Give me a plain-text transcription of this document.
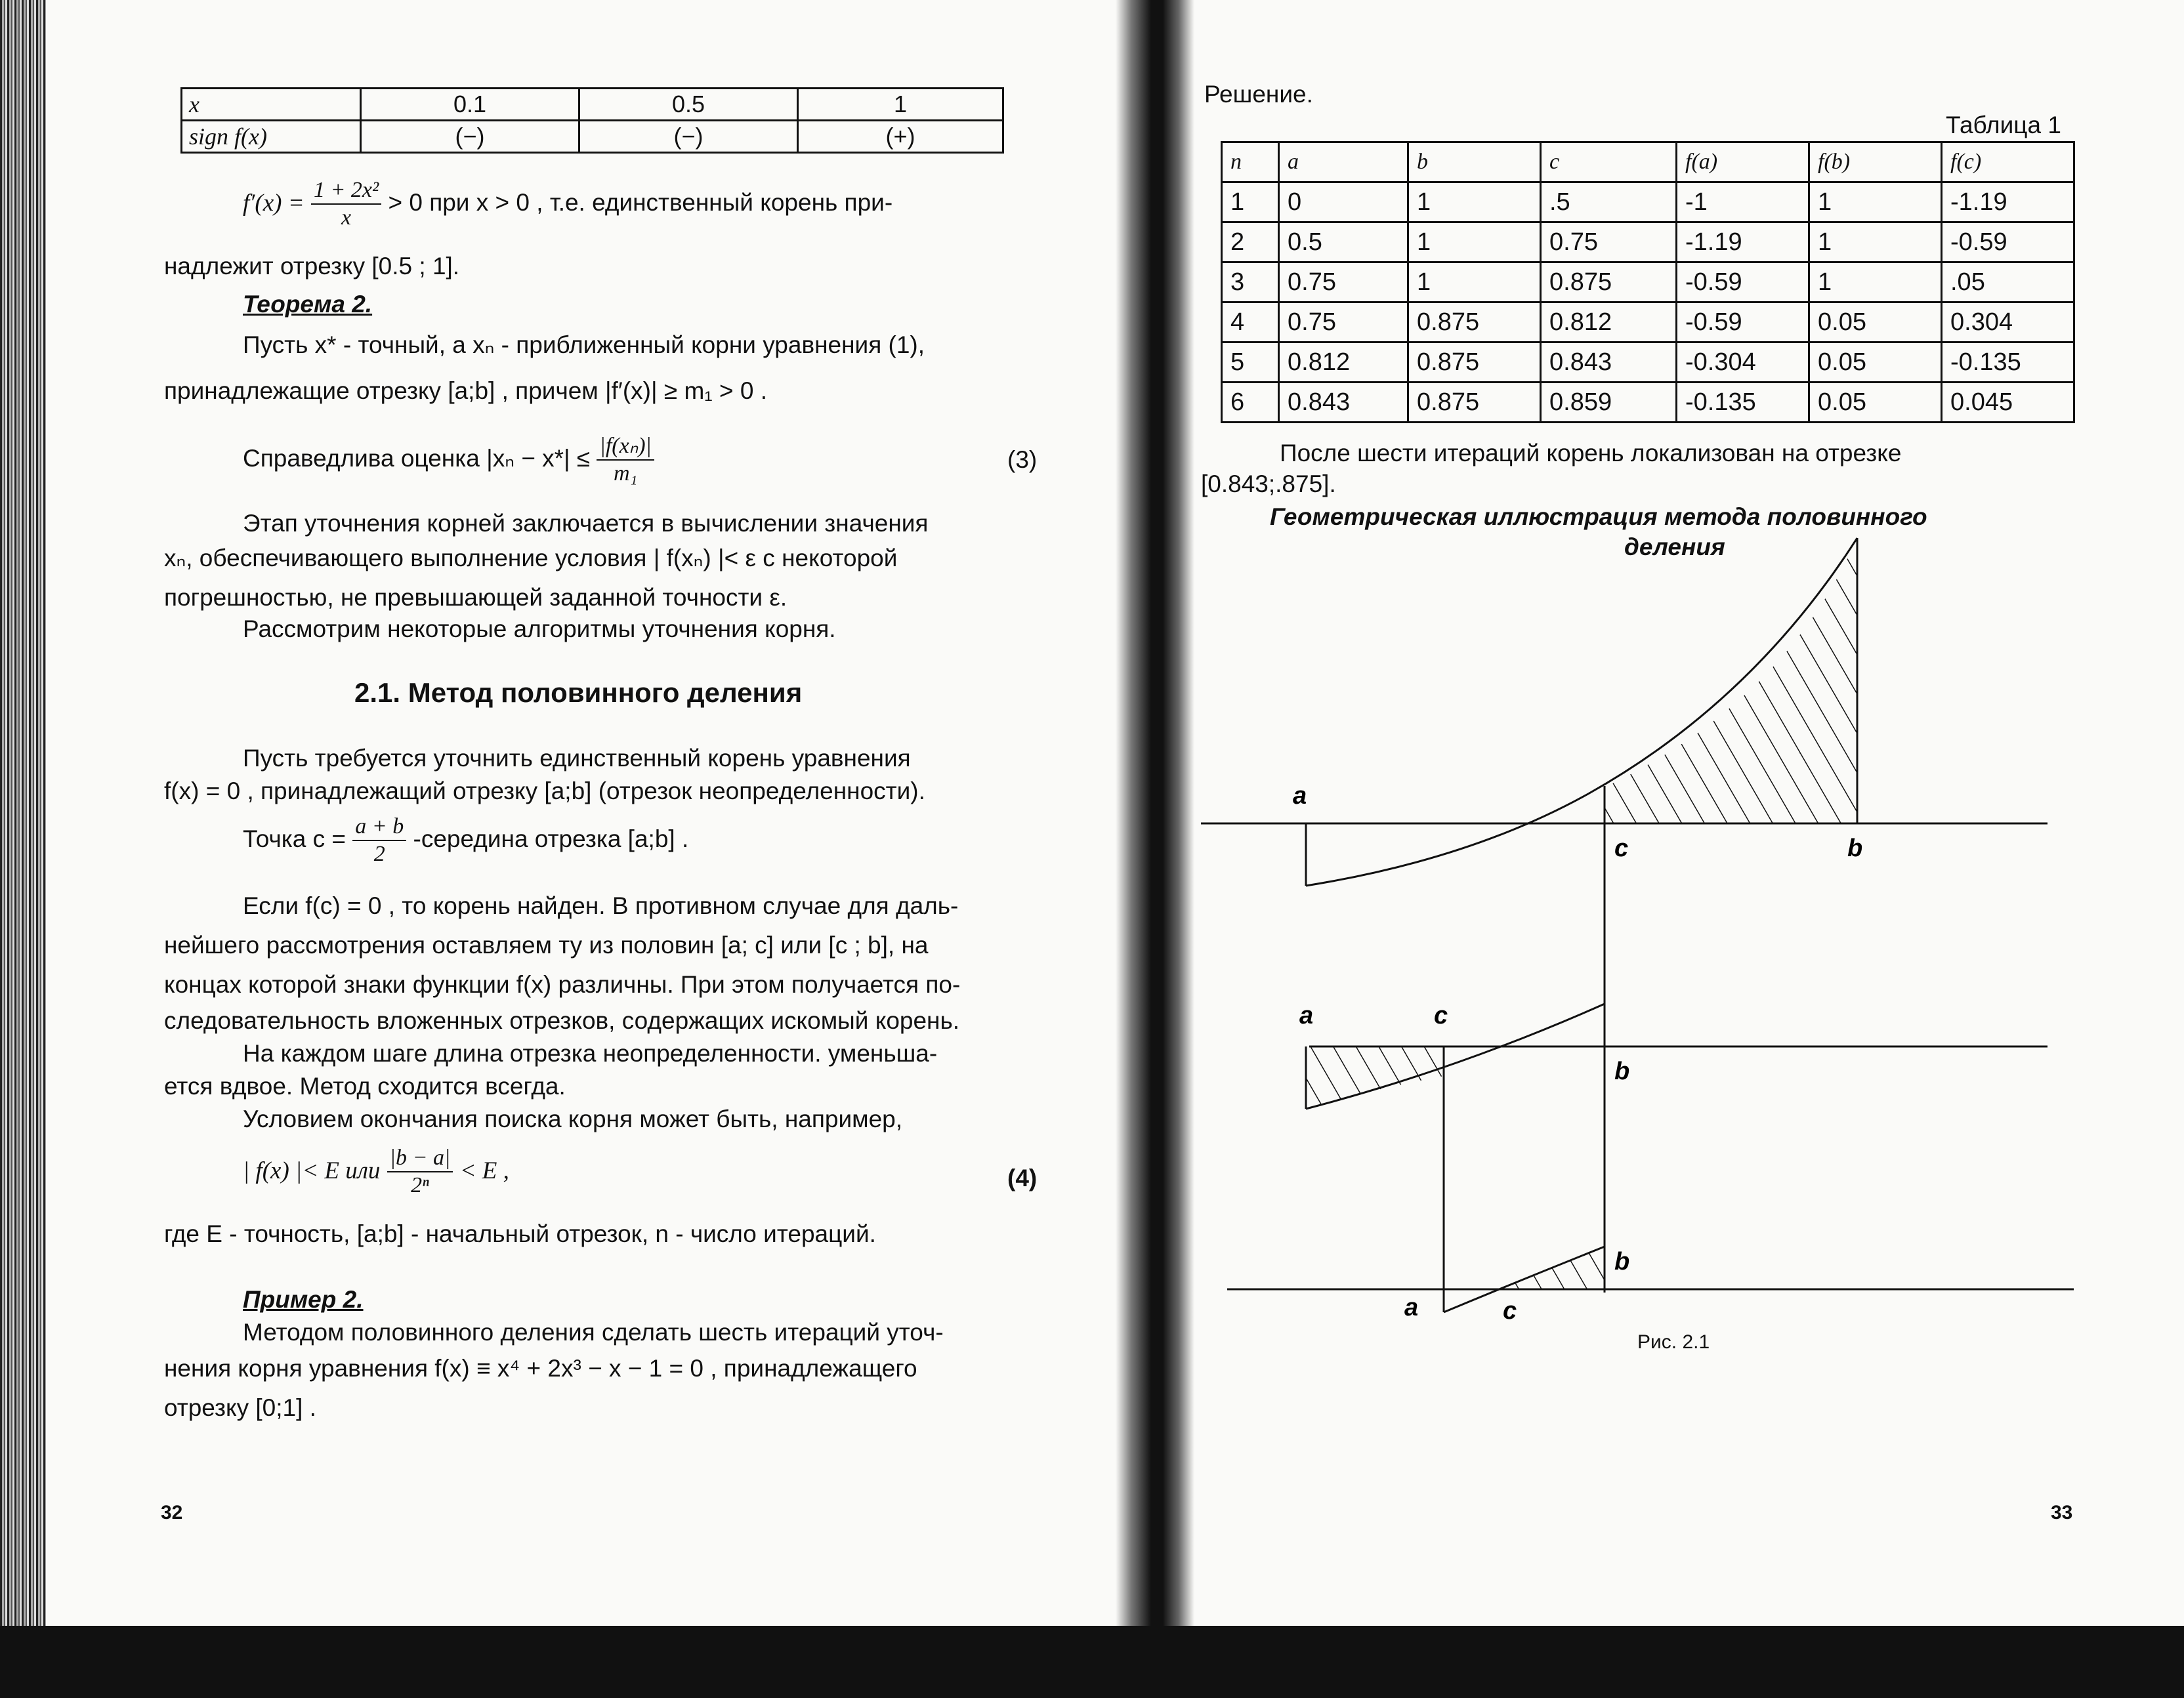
x	0.1	0.5	1
sign f(x)	(−)	(−)	(+)
$f'(x) = \frac{\text{1 + 2x²}}{x} > 0$ при x > 0 , т.е. единственный корень при-
надлежит отрезку [0.5 ; 1].
Теорема 2.
Пусть x* - точный, а xₙ - приближенный корни уравнения (1),
принадлежащие отрезку [a;b] , причем |f′(x)| ≥ m₁ > 0 .
Справедлива оценка $|x_n - x*| \le \frac{\text{|f(xₙ)|}}{\text{m₁}}$	(3)
Этап уточнения корней заключается в вычислении значения
xₙ, обеспечивающего выполнение условия | f(xₙ) |< ε с некоторой
погрешностью, не превышающей заданной точности ε.
Рассмотрим некоторые алгоритмы уточнения корня.
2.1. Метод половинного деления
Пусть требуется уточнить единственный корень уравнения
f(x) = 0 , принадлежащий отрезку [a;b] (отрезок неопределенности).
Точка $c = \frac{a + b}{2}$ -середина отрезка [a;b] .
Если f(c) = 0 , то корень найден. В противном случае для даль-
нейшего рассмотрения оставляем ту из половин [a; c] или [c ; b], на
концах которой знаки функции f(x) различны. При этом получается по-
следовательность вложенных отрезков, содержащих искомый корень.
На каждом шаге длина отрезка неопределенности. уменьша-
ется вдвое. Метод сходится всегда.
Условием окончания поиска корня может быть, например,
| f(x) |< E или $\frac{|b - a|}{\text{2ⁿ}} < E$ ,	(4)
где E - точность, [a;b] - начальный отрезок, n - число итераций.
Пример 2.
Методом половинного деления сделать шесть итераций уточ-
нения корня уравнения f(x) ≡ x⁴ + 2x³ − x − 1 = 0 , принадлежащего
отрезку [0;1] .
32
Решение.
Таблица 1
n	a	b	c	f(a)	f(b)	f(c)
1	0	1	.5	-1	1	-1.19
2	0.5	1	0.75	-1.19	1	-0.59
3	0.75	1	0.875	-0.59	1	.05
4	0.75	0.875	0.812	-0.59	0.05	0.304
5	0.812	0.875	0.843	-0.304	0.05	-0.135
6	0.843	0.875	0.859	-0.135	0.05	0.045
После шести итераций корень локализован на отрезке
[0.843;.875].
Геометрическая иллюстрация метода половинного
деления
a
c	b
a	c
b
a	c
b
Рис. 2.1
33
